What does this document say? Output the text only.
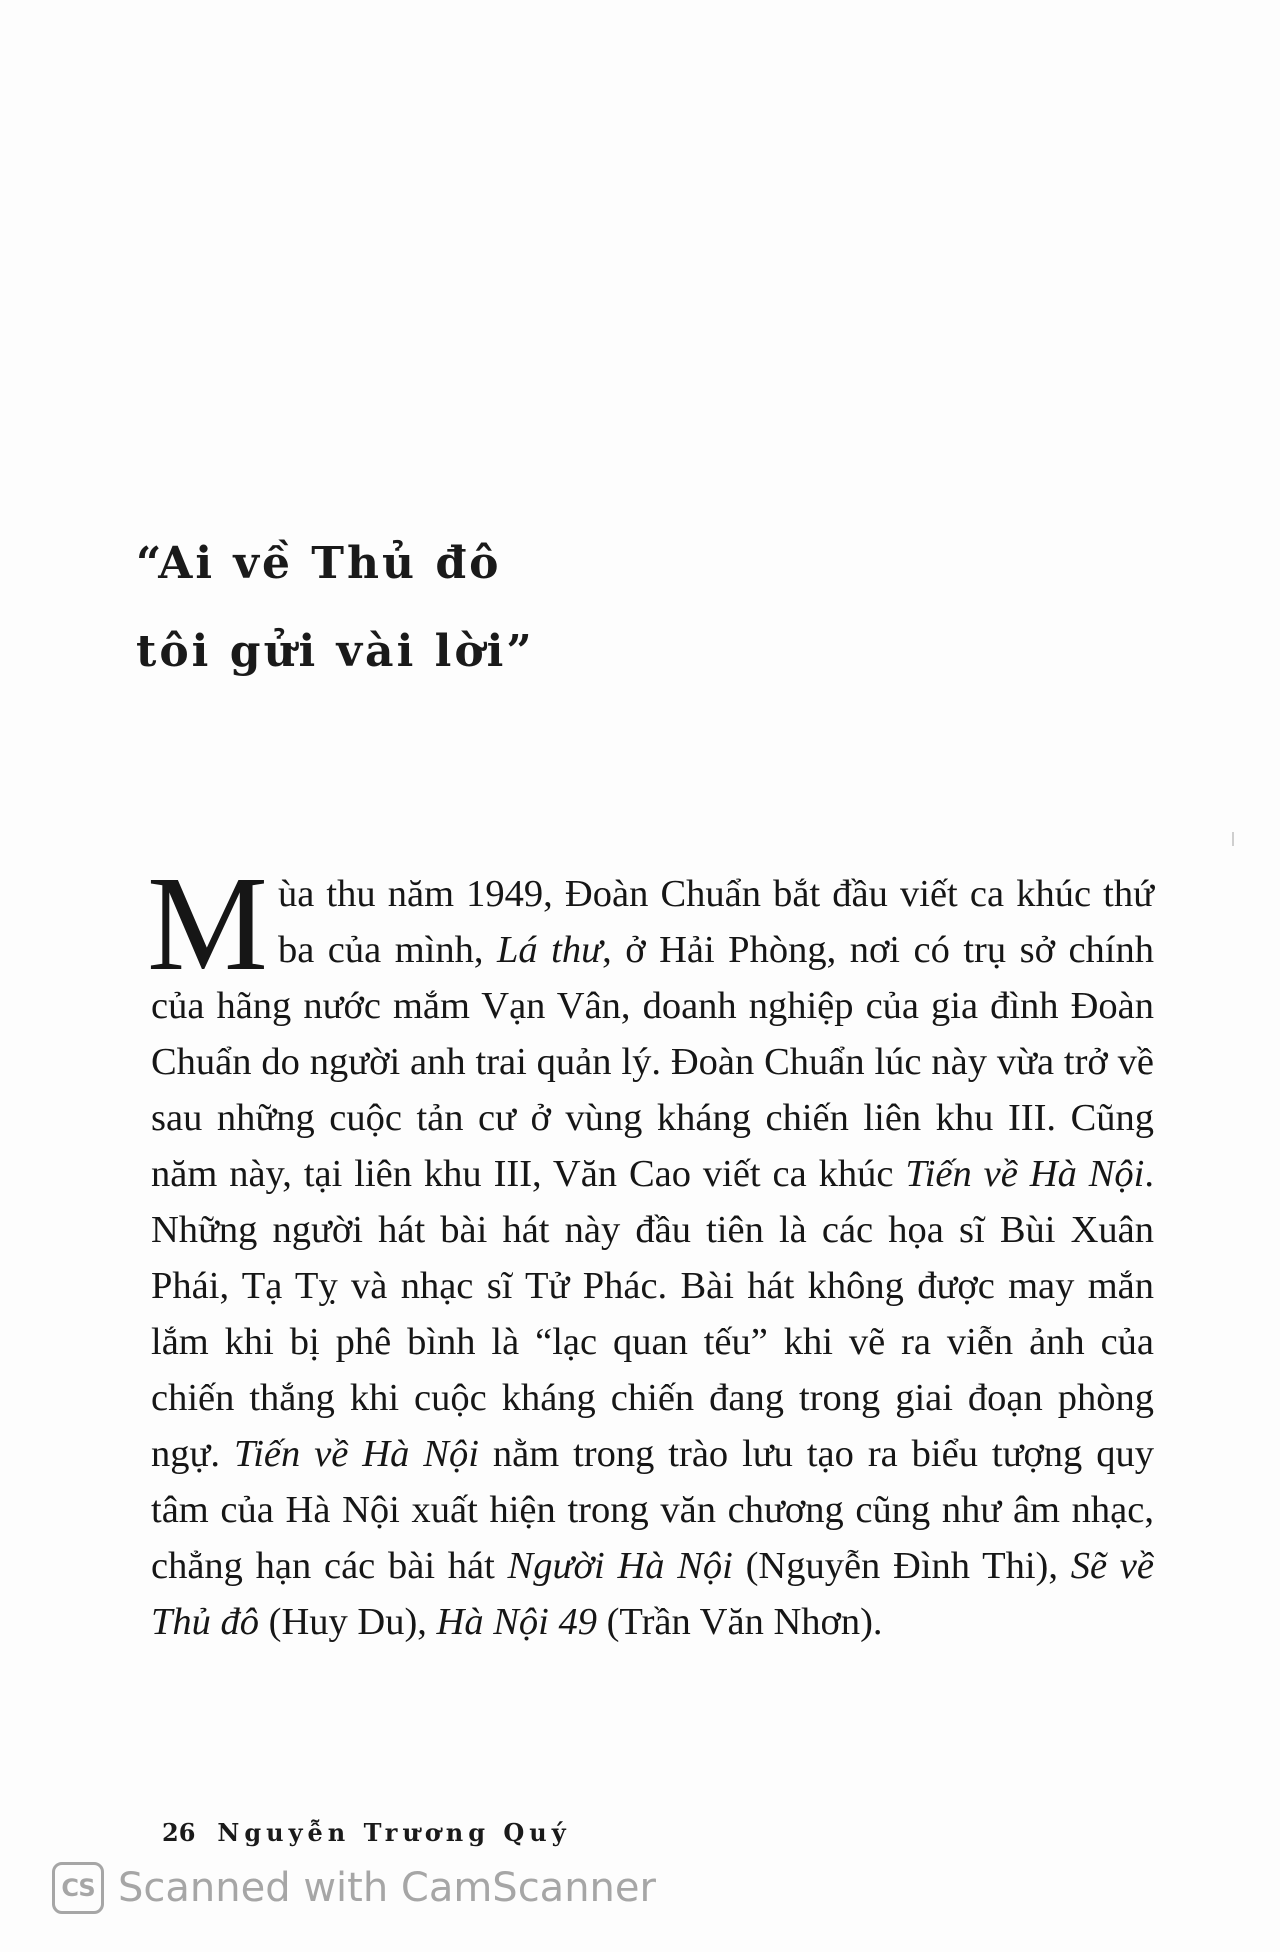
“Ai về Thủ đô
tôi gửi vài lời”

Mùa thu năm 1949, Đoàn Chuẩn bắt đầu viết ca khúc thứ ba của mình, Lá thư, ở Hải Phòng, nơi có trụ sở chính của hãng nước mắm Vạn Vân, doanh nghiệp của gia đình Đoàn Chuẩn do người anh trai quản lý. Đoàn Chuẩn lúc này vừa trở về sau những cuộc tản cư ở vùng kháng chiến liên khu III. Cũng năm này, tại liên khu III, Văn Cao viết ca khúc Tiến về Hà Nội. Những người hát bài hát này đầu tiên là các họa sĩ Bùi Xuân Phái, Tạ Tỵ và nhạc sĩ Tử Phác. Bài hát không được may mắn lắm khi bị phê bình là “lạc quan tếu” khi vẽ ra viễn ảnh của chiến thắng khi cuộc kháng chiến đang trong giai đoạn phòng ngự. Tiến về Hà Nội nằm trong trào lưu tạo ra biểu tượng quy tâm của Hà Nội xuất hiện trong văn chương cũng như âm nhạc, chẳng hạn các bài hát Người Hà Nội (Nguyễn Đình Thi), Sẽ về Thủ đô (Huy Du), Hà Nội 49 (Trần Văn Nhơn).

26 Nguyễn Trương Quý
CS Scanned with CamScanner
